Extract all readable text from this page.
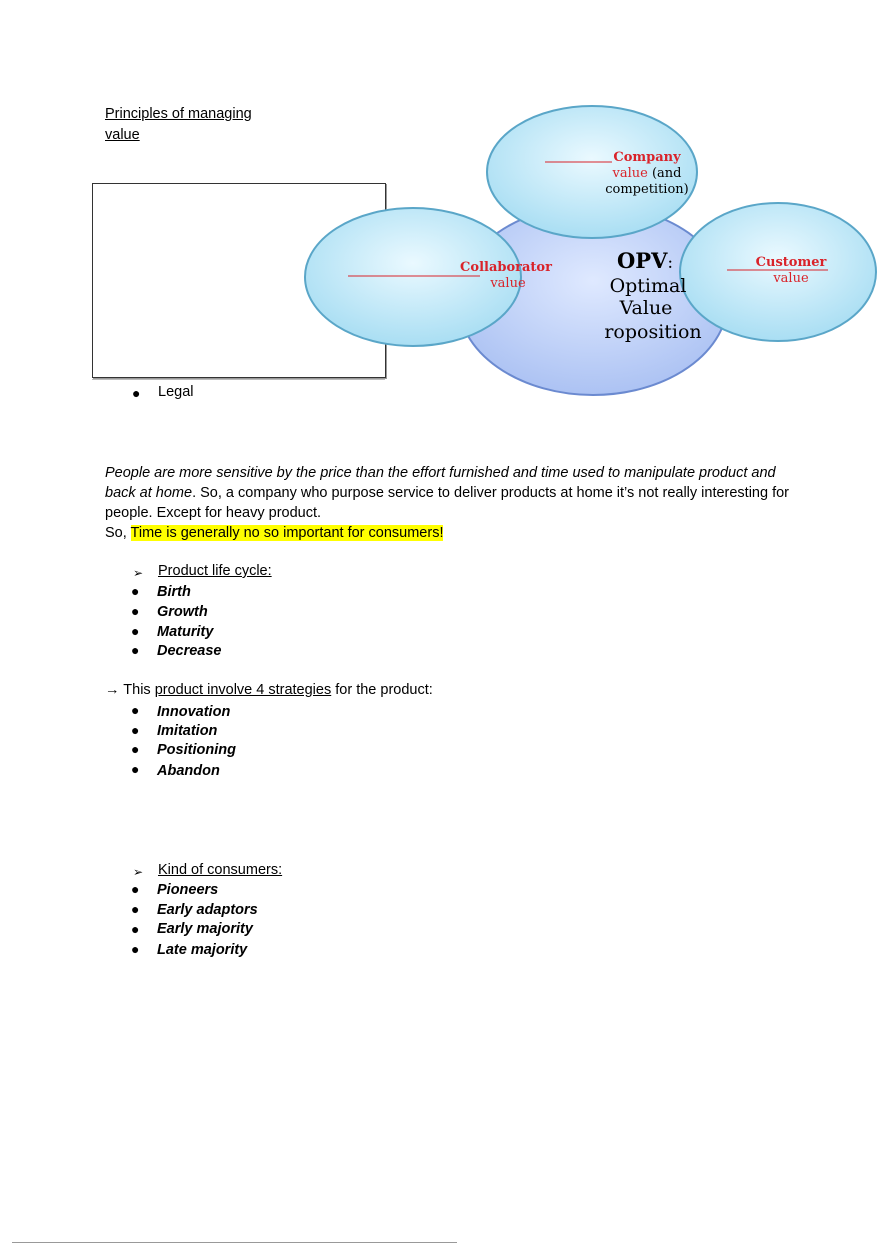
Principles of managing value
Company
value (and
competition)
Collaborator
value
Customer
value
OPV:
Optimal
Value
roposition
● Legal
People are more sensitive by the price than the effort furnished and time used to manipulate product and back at home. So, a company who purpose service to deliver products at home it’s not really interesting for people. Except for heavy product.
So, Time is generally no so important for consumers!
➢ Product life cycle:
● Birth
● Growth
● Maturity
● Decrease
→ This product involve 4 strategies for the product:
● Innovation
● Imitation
● Positioning
● Abandon
➢ Kind of consumers:
● Pioneers
● Early adaptors
● Early majority
● Late majority
